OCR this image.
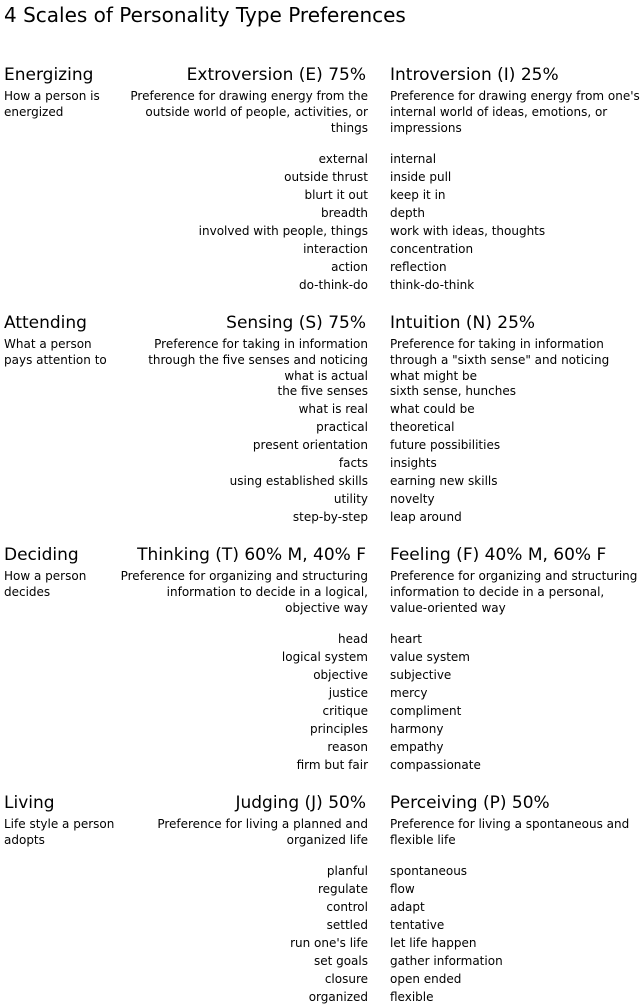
4 Scales of Personality Type Preferences
Energizing
How a person is energized
Extroversion (E) 75%
Preference for drawing energy from the outside world of people, activities, or things
Introversion (I) 25%
Preference for drawing energy from one's internal world of ideas, emotions, or impressions
external
outside thrust
blurt it out
breadth
involved with people, things
interaction
action
do-think-do
internal
inside pull
keep it in
depth
work with ideas, thoughts
concentration
reflection
think-do-think
Attending
What a person pays attention to
Sensing (S) 75%
Preference for taking in information through the five senses and noticing what is actual
Intuition (N) 25%
Preference for taking in information through a "sixth sense" and noticing what might be
the five senses
what is real
practical
present orientation
facts
using established skills
utility
step-by-step
sixth sense, hunches
what could be
theoretical
future possibilities
insights
earning new skills
novelty
leap around
Deciding
How a person decides
Thinking (T) 60% M, 40% F
Preference for organizing and structuring information to decide in a logical, objective way
Feeling (F) 40% M, 60% F
Preference for organizing and structuring information to decide in a personal, value-oriented way
head
logical system
objective
justice
critique
principles
reason
firm but fair
heart
value system
subjective
mercy
compliment
harmony
empathy
compassionate
Living
Life style a person adopts
Judging (J) 50%
Preference for living a planned and organized life
Perceiving (P) 50%
Preference for living a spontaneous and flexible life
planful
regulate
control
settled
run one's life
set goals
closure
organized
spontaneous
flow
adapt
tentative
let life happen
gather information
open ended
flexible
